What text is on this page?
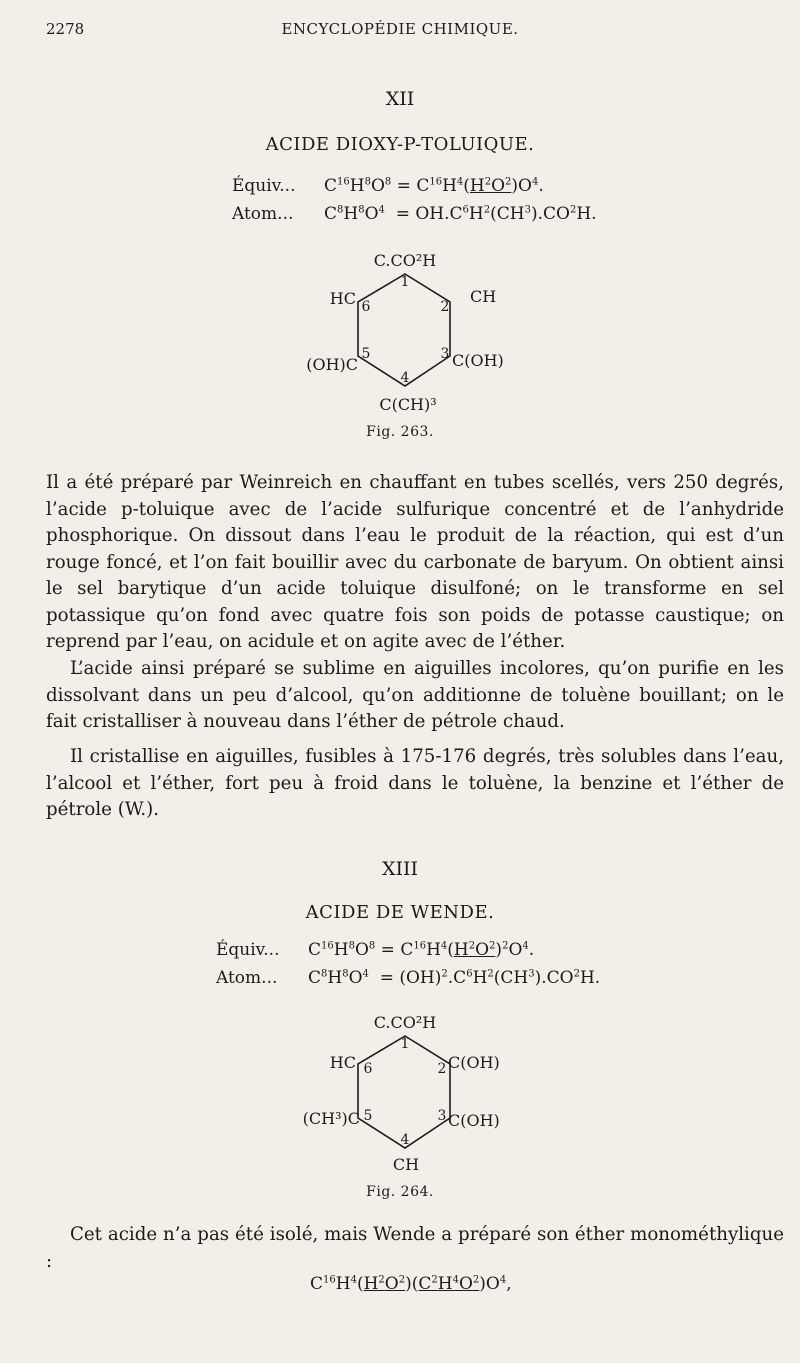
2278	ENCYCLOPÉDIE CHIMIQUE.
XII
ACIDE DIOXY-P-TOLUIQUE.
Équiv... $C^{16}H^8O^8 = C^{16}H^4(H^2O^2)O^4$.
Atom... $C^8H^8O^4 = OH.C^6H^2(CH^3).CO^2H$.
C.CO²H
1
2
3
4
5
6
HC	CH
(OH)C	C(OH)
C(CH)³
Fig. 263.
Il a été préparé par Weinreich en chauffant en tubes scellés, vers 250 degrés, l’acide p-toluique avec de l’acide sulfurique concentré et de l’anhydride phosphorique. On dissout dans l’eau le produit de la réaction, qui est d’un rouge foncé, et l’on fait bouillir avec du carbonate de baryum. On obtient ainsi le sel barytique d’un acide toluique disulfoné; on le transforme en sel potassique qu’on fond avec quatre fois son poids de potasse caustique; on reprend par l’eau, on acidule et on agite avec de l’éther.
L’acide ainsi préparé se sublime en aiguilles incolores, qu’on purifie en les dissolvant dans un peu d’alcool, qu’on additionne de toluène bouillant; on le fait cristalliser à nouveau dans l’éther de pétrole chaud.
Il cristallise en aiguilles, fusibles à 175-176 degrés, très solubles dans l’eau, l’alcool et l’éther, fort peu à froid dans le toluène, la benzine et l’éther de pétrole (W.).
XIII
ACIDE DE WENDE.
Équiv... $C^{16}H^8O^8 = C^{16}H^4(H^2O^2)^2O^4$.
Atom... $C^8H^8O^4 = (OH)^2.C^6H^2(CH^3).CO^2H$.
C.CO²H
1
2
3
4
5
6
HC	C(OH)
(CH³)C	C(OH)
CH
Fig. 264.
Cet acide n’a pas été isolé, mais Wende a préparé son éther monométhylique :
$C^{16}H^4(H^2O^2)(C^2H^4O^2)O^4$,
